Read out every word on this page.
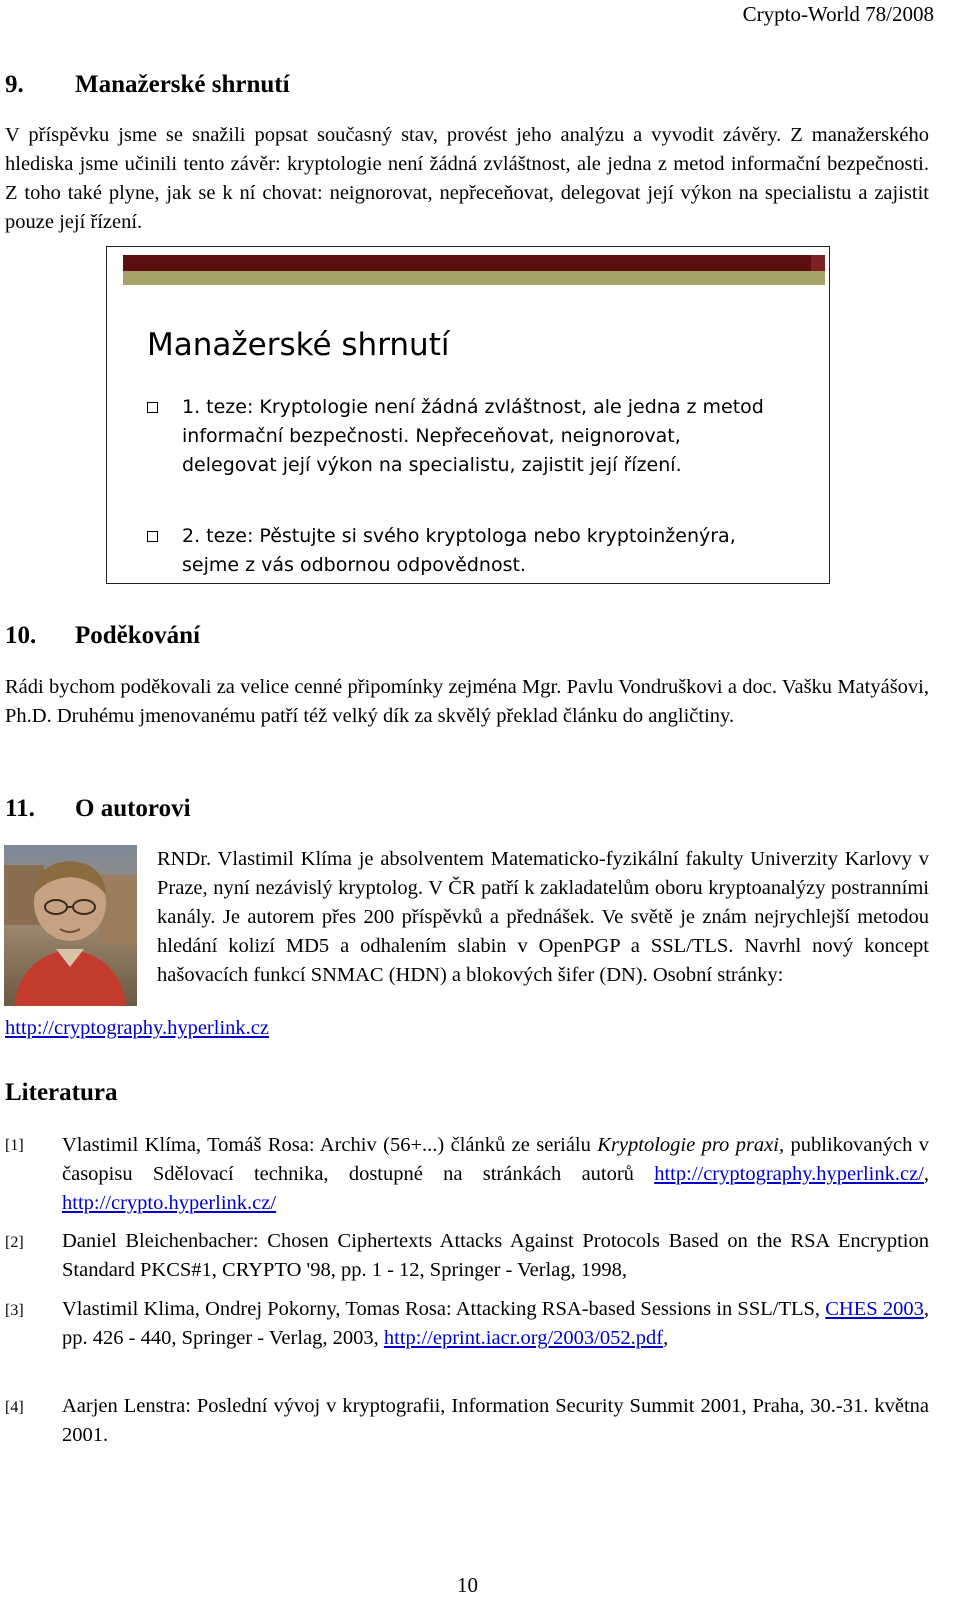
Crypto-World 78/2008
9. Manažerské shrnutí
V příspěvku jsme se snažili popsat současný stav, provést jeho analýzu a vyvodit závěry. Z manažerského hlediska jsme učinili tento závěr: kryptologie není žádná zvláštnost, ale jedna z metod informační bezpečnosti. Z toho také plyne, jak se k ní chovat: neignorovat, nepřeceňovat, delegovat její výkon na specialistu a zajistit pouze její řízení.
Manažerské shrnutí
1. teze: Kryptologie není žádná zvláštnost, ale jedna z metod
informační bezpečnosti. Nepřeceňovat, neignorovat,
delegovat její výkon na specialistu, zajistit její řízení.
2. teze: Pěstujte si svého kryptologa nebo kryptoinženýra,
sejme z vás odbornou odpovědnost.
10. Poděkování
Rádi bychom poděkovali za velice cenné připomínky zejména Mgr. Pavlu Vondruškovi a doc. Vašku Matyášovi, Ph.D. Druhému jmenovanému patří též velký dík za skvělý překlad článku do angličtiny.
11. O autorovi
RNDr. Vlastimil Klíma je absolventem Matematicko-fyzikální fakulty Univerzity Karlovy v Praze, nyní nezávislý kryptolog. V ČR patří k zakladatelům oboru kryptoanalýzy postranními kanály. Je autorem přes 200 příspěvků a přednášek. Ve světě je znám nejrychlejší metodou hledání kolizí MD5 a odhalením slabin v OpenPGP a SSL/TLS. Navrhl nový koncept hašovacích funkcí SNMAC (HDN) a blokových šifer (DN). Osobní stránky:
http://cryptography.hyperlink.cz
Literatura
[1] Vlastimil Klíma, Tomáš Rosa: Archiv (56+...) článků ze seriálu Kryptologie pro praxi, publikovaných v časopisu Sdělovací technika, dostupné na stránkách autorů http://cryptography.hyperlink.cz/, http://crypto.hyperlink.cz/
[2] Daniel Bleichenbacher: Chosen Ciphertexts Attacks Against Protocols Based on the RSA Encryption Standard PKCS#1, CRYPTO '98, pp. 1 - 12, Springer - Verlag, 1998,
[3] Vlastimil Klima, Ondrej Pokorny, Tomas Rosa: Attacking RSA-based Sessions in SSL/TLS, CHES 2003, pp. 426 - 440, Springer - Verlag, 2003, http://eprint.iacr.org/2003/052.pdf,
[4] Aarjen Lenstra: Poslední vývoj v kryptografii, Information Security Summit 2001, Praha, 30.-31. května 2001.
10
